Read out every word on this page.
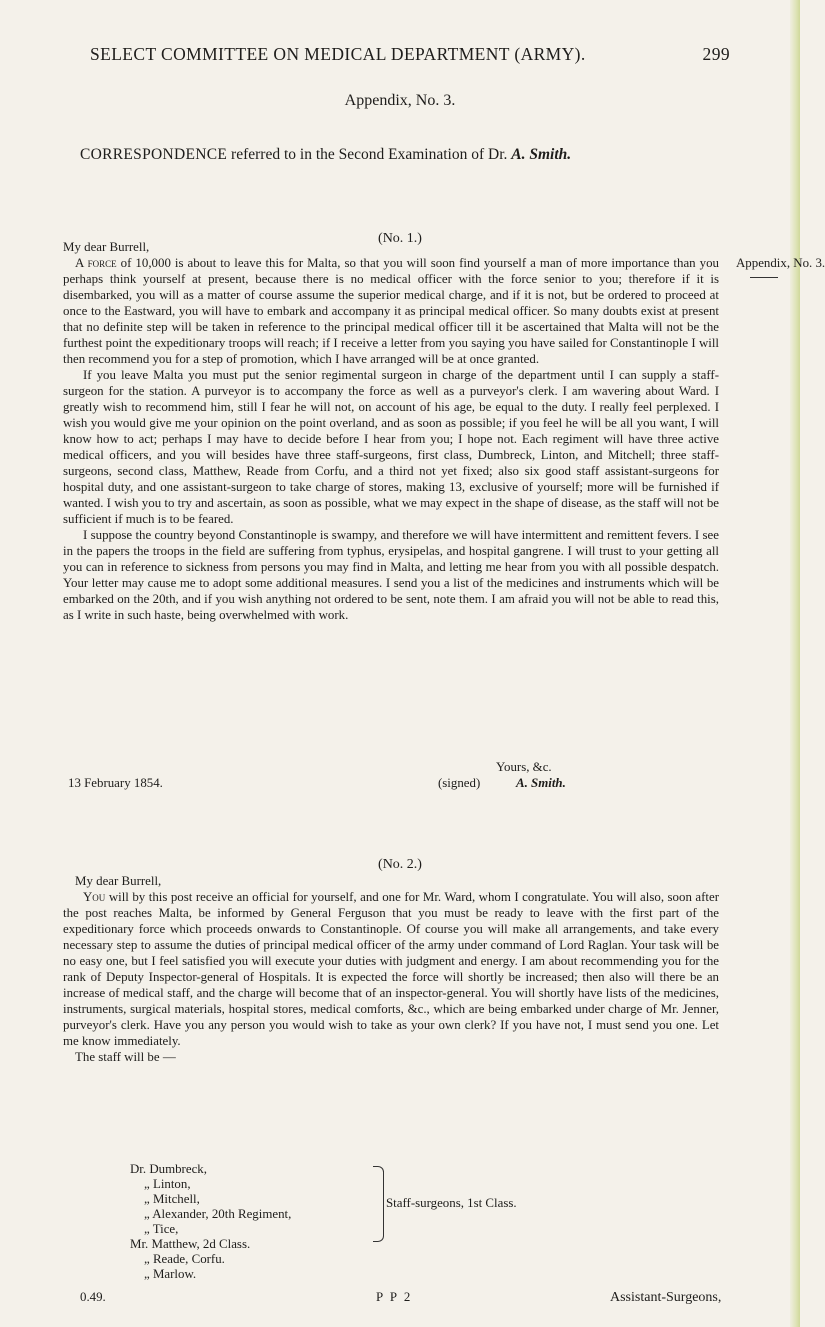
SELECT COMMITTEE ON MEDICAL DEPARTMENT (ARMY).	299
Appendix, No. 3.
CORRESPONDENCE referred to in the Second Examination of Dr. A. Smith.
Appendix, No. 3.
(No. 1.)

My dear Burrell,

A force of 10,000 is about to leave this for Malta, so that you will soon find yourself a man of more importance than you perhaps think yourself at present, because there is no medical officer with the force senior to you; therefore if it is disembarked, you will as a matter of course assume the superior medical charge, and if it is not, but be ordered to proceed at once to the Eastward, you will have to embark and accompany it as principal medical officer. So many doubts exist at present that no definite step will be taken in reference to the principal medical officer till it be ascertained that Malta will not be the furthest point the expeditionary troops will reach; if I receive a letter from you saying you have sailed for Constantinople I will then recommend you for a step of promotion, which I have arranged will be at once granted.

If you leave Malta you must put the senior regimental surgeon in charge of the department until I can supply a staff-surgeon for the station. A purveyor is to accompany the force as well as a purveyor's clerk. I am wavering about Ward. I greatly wish to recommend him, still I fear he will not, on account of his age, be equal to the duty. I really feel perplexed. I wish you would give me your opinion on the point overland, and as soon as possible; if you feel he will be all you want, I will know how to act; perhaps I may have to decide before I hear from you; I hope not. Each regiment will have three active medical officers, and you will besides have three staff-surgeons, first class, Dumbreck, Linton, and Mitchell; three staff-surgeons, second class, Matthew, Reade from Corfu, and a third not yet fixed; also six good staff assistant-surgeons for hospital duty, and one assistant-surgeon to take charge of stores, making 13, exclusive of yourself; more will be furnished if wanted. I wish you to try and ascertain, as soon as possible, what we may expect in the shape of disease, as the staff will not be sufficient if much is to be feared.

I suppose the country beyond Constantinople is swampy, and therefore we will have intermittent and remittent fevers. I see in the papers the troops in the field are suffering from typhus, erysipelas, and hospital gangrene. I will trust to your getting all you can in reference to sickness from persons you may find in Malta, and letting me hear from you with all possible despatch. Your letter may cause me to adopt some additional measures. I send you a list of the medicines and instruments which will be embarked on the 20th, and if you wish anything not ordered to be sent, note them. I am afraid you will not be able to read this, as I write in such haste, being overwhelmed with work.

Yours, &c.
13 February 1854.	(signed)	A. Smith.
(No. 2.)

My dear Burrell,

You will by this post receive an official for yourself, and one for Mr. Ward, whom I congratulate. You will also, soon after the post reaches Malta, be informed by General Ferguson that you must be ready to leave with the first part of the expeditionary force which proceeds onwards to Constantinople. Of course you will make all arrangements, and take every necessary step to assume the duties of principal medical officer of the army under command of Lord Raglan. Your task will be no easy one, but I feel satisfied you will execute your duties with judgment and energy. I am about recommending you for the rank of Deputy Inspector-general of Hospitals. It is expected the force will shortly be increased; then also will there be an increase of medical staff, and the charge will become that of an inspector-general. You will shortly have lists of the medicines, instruments, surgical materials, hospital stores, medical comforts, &c., which are being embarked under charge of Mr. Jenner, purveyor's clerk. Have you any person you would wish to take as your own clerk? If you have not, I must send you one. Let me know immediately.

The staff will be —

Dr. Dumbreck,
„ Linton,
„ Mitchell,
„ Alexander, 20th Regiment,
„ Tice,
Mr. Matthew, 2d Class.
„ Reade, Corfu.
„ Marlow.
Staff-surgeons, 1st Class.
0.49.	P P 2	Assistant-Surgeons,
